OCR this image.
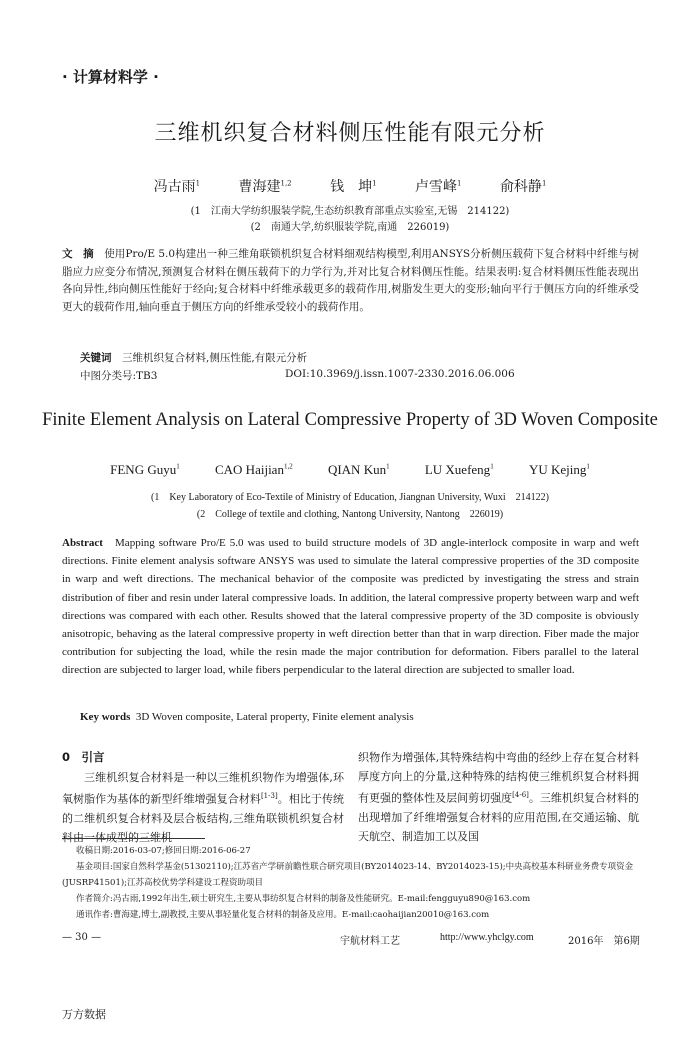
· 计算材料学 ·
三维机织复合材料侧压性能有限元分析
冯古雨$^1$	曹海建$^{1,2}$	钱　坤$^1$	卢雪峰$^1$	俞科静$^1$
(1　江南大学纺织服装学院,生态纺织教育部重点实验室,无锡　214122)
(2　南通大学,纺织服装学院,南通　226019)
文　摘　 使用Pro/E 5.0构建出一种三维角联锁机织复合材料细观结构模型,利用ANSYS分析侧压载荷下复合材料中纤维与树脂应力应变分布情况,预测复合材料在侧压载荷下的力学行为,并对比复合材料侧压性能。结果表明:复合材料侧压性能表现出各向异性,纬向侧压性能好于经向;复合材料中纤维承载更多的载荷作用,树脂发生更大的变形;轴向平行于侧压方向的纤维承受更大的载荷作用,轴向垂直于侧压方向的纤维承受较小的载荷作用。
关键词　 三维机织复合材料,侧压性能,有限元分析
中图分类号:TB3	DOI:10.3969/j.issn.1007-2330.2016.06.006
Finite Element Analysis on Lateral Compressive Property of 3D Woven Composite
FENG Guyu$^1$	CAO Haijian$^{1,2}$	QIAN Kun$^1$	LU Xuefeng$^1$	YU Kejing$^1$
(1　Key Laboratory of Eco-Textile of Ministry of Education, Jiangnan University, Wuxi　214122)
(2　College of textile and clothing, Nantong University, Nantong　226019)
Abstract Mapping software Pro/E 5.0 was used to build structure models of 3D angle-interlock composite in warp and weft directions. Finite element analysis software ANSYS was used to simulate the lateral compressive properties of the 3D composite in warp and weft directions. The mechanical behavior of the composite was predicted by investigating the stress and strain distribution of fiber and resin under lateral compressive loads. In addition, the lateral compressive property between warp and weft directions was compared with each other. Results showed that the lateral compressive property of the 3D composite is obviously anisotropic, behaving as the lateral compressive property in weft direction better than that in warp direction. Fiber made the major contribution for subjecting the load, while the resin made the major contribution for deformation. Fibers parallel to the lateral direction are subjected to larger load, while fibers perpendicular to the lateral direction are subjected to smaller load.
Key words 3D Woven composite, Lateral property, Finite element analysis
0　引言
三维机织复合材料是一种以三维机织物作为增强体,环氧树脂作为基体的新型纤维增强复合材料[1-3]。相比于传统的二维机织复合材料及层合板结构,三维角联锁机织复合材料由一体成型的三维机
织物作为增强体,其特殊结构中弯曲的经纱上存在复合材料厚度方向上的分量,这种特殊的结构使三维机织复合材料拥有更强的整体性及层间剪切强度[4-6]。三维机织复合材料的出现增加了纤维增强复合材料的应用范围,在交通运输、航天航空、制造加工以及国
收稿日期:2016-03-07;修回日期:2016-06-27
基金项目:国家自然科学基金(51302110);江苏省产学研前瞻性联合研究项目(BY2014023-14、BY2014023-15);中央高校基本科研业务费专项资金(JUSRP41501);江苏高校优势学科建设工程资助项目
作者简介:冯古雨,1992年出生,硕士研究生,主要从事纺织复合材料的制备及性能研究。E-mail:fengguyu890@163.com
通讯作者:曹海建,博士,副教授,主要从事轻量化复合材料的制备及应用。E-mail:caohaijian20010@163.com
— 30 —	宇航材料工艺	http://www.yhclgy.com	2016年　第6期
万方数据
